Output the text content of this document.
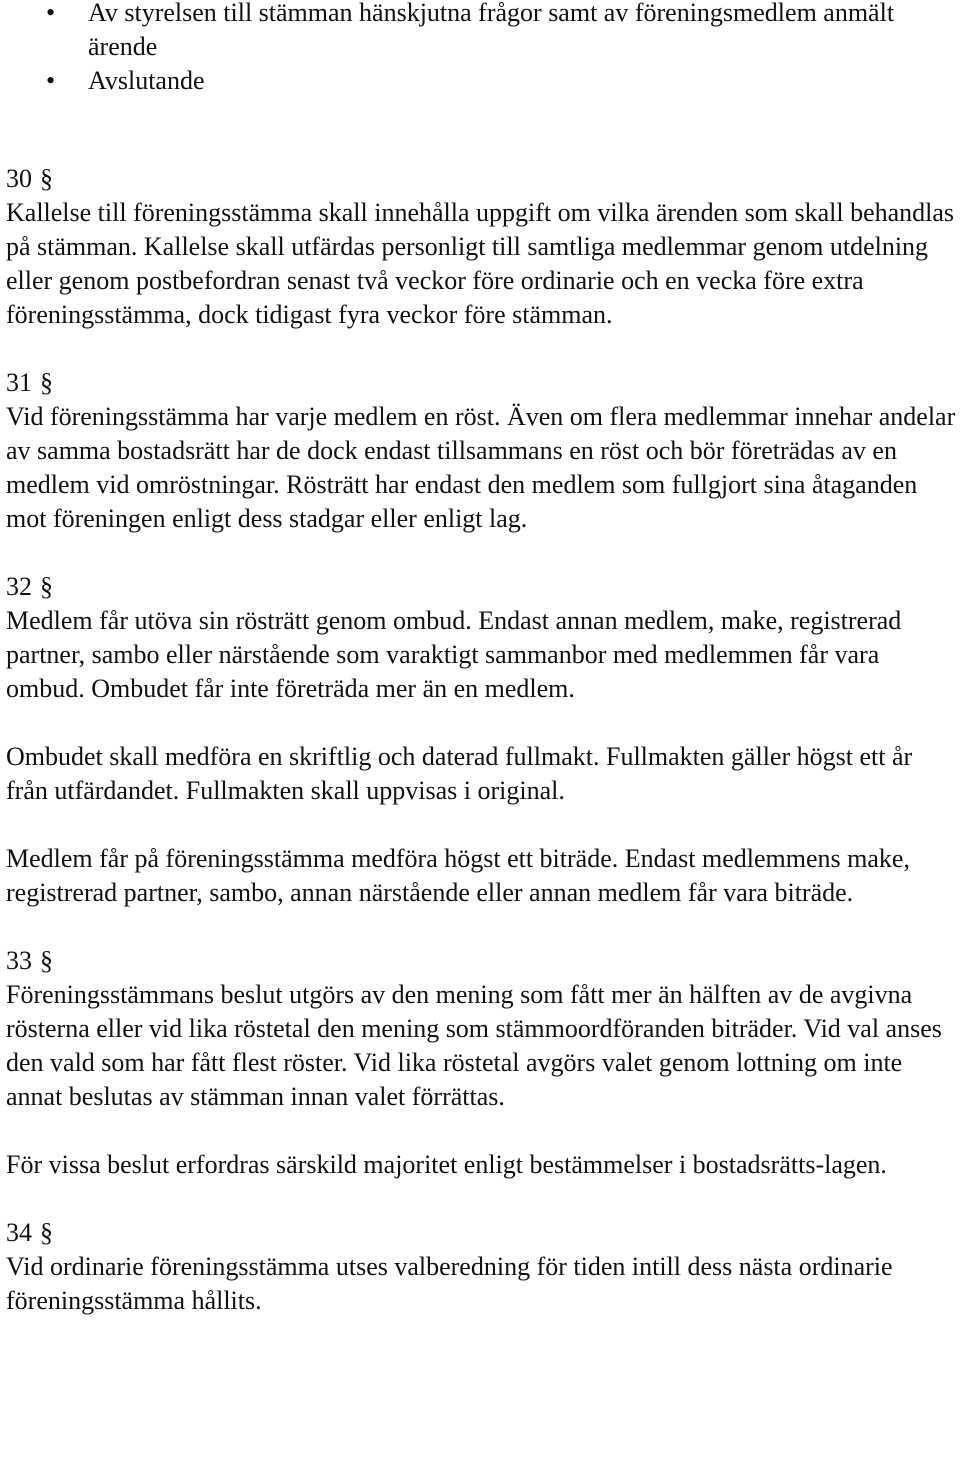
• Av styrelsen till stämman hänskjutna frågor samt av föreningsmedlem anmält ärende
• Avslutande
30 §

Kallelse till föreningsstämma skall innehålla uppgift om vilka ärenden som skall behandlas på stämman. Kallelse skall utfärdas personligt till samtliga medlemmar genom utdelning eller genom postbefordran senast två veckor före ordinarie och en vecka före extra föreningsstämma, dock tidigast fyra veckor före stämman.

31 §

Vid föreningsstämma har varje medlem en röst. Även om flera medlemmar innehar andelar av samma bostadsrätt har de dock endast tillsammans en röst och bör företrädas av en medlem vid omröstningar. Rösträtt har endast den medlem som fullgjort sina åtaganden mot föreningen enligt dess stadgar eller enligt lag.

32 §

Medlem får utöva sin rösträtt genom ombud. Endast annan medlem, make, registrerad partner, sambo eller närstående som varaktigt sammanbor med medlemmen får vara ombud. Ombudet får inte företräda mer än en medlem.

Ombudet skall medföra en skriftlig och daterad fullmakt. Fullmakten gäller högst ett år från utfärdandet. Fullmakten skall uppvisas i original.

Medlem får på föreningsstämma medföra högst ett biträde. Endast medlemmens make, registrerad partner, sambo, annan närstående eller annan medlem får vara biträde.

33 §

Föreningsstämmans beslut utgörs av den mening som fått mer än hälften av de avgivna rösterna eller vid lika röstetal den mening som stämmoordföranden biträder. Vid val anses den vald som har fått flest röster. Vid lika röstetal avgörs valet genom lottning om inte annat beslutas av stämman innan valet förrättas.

För vissa beslut erfordras särskild majoritet enligt bestämmelser i bostadsrätts-lagen.

34 §

Vid ordinarie föreningsstämma utses valberedning för tiden intill dess nästa ordinarie föreningsstämma hållits.
